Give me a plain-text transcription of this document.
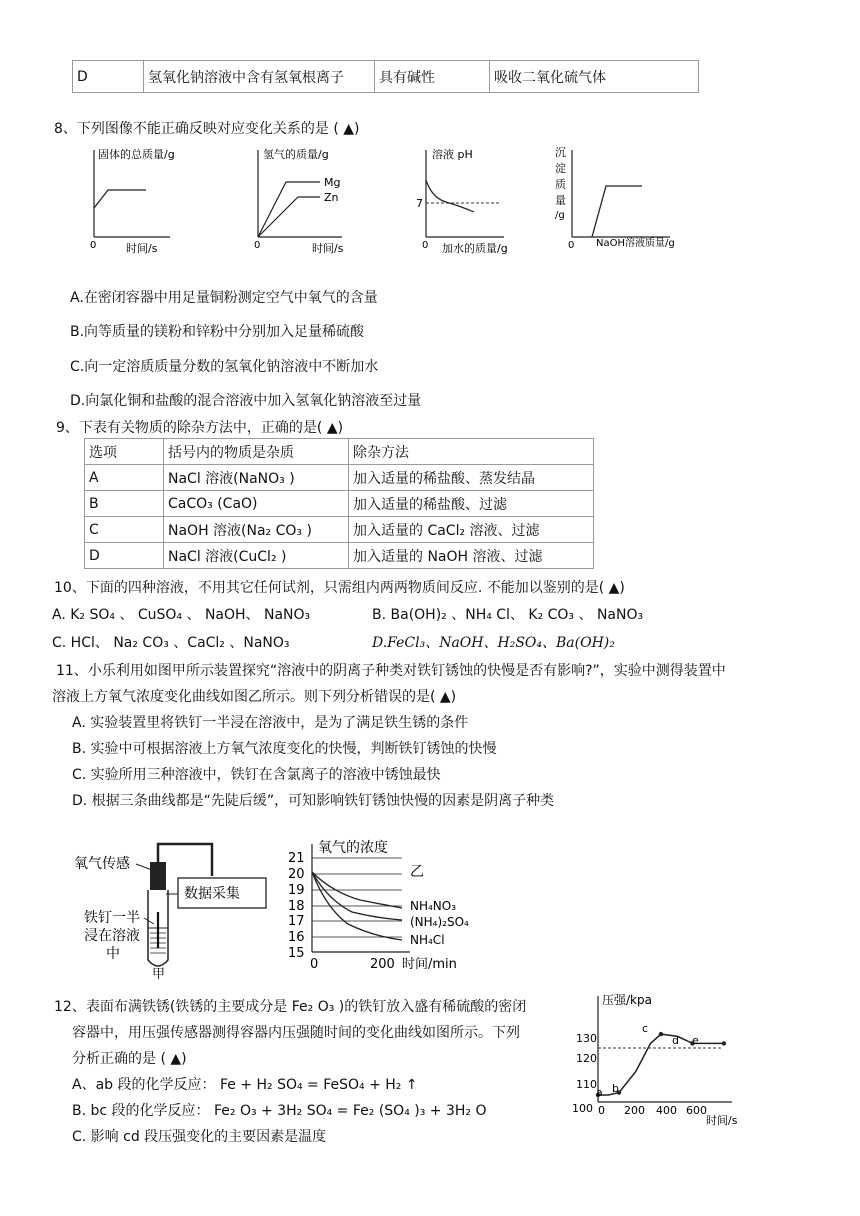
D	氢氧化钠溶液中含有氢氧根离子	具有碱性	吸收二氧化硫气体
8、下列图像不能正确反映对应变化关系的是 ( ▲)
固体的总质量/g
0	时间/s
氢气的质量/g
Mg
Zn
0	时间/s
溶液 pH
7
0 加水的质量/g
沉
淀
质
量
/g
0 NaOH溶液质量/g
A.在密闭容器中用足量铜粉测定空气中氧气的含量
B.向等质量的镁粉和锌粉中分别加入足量稀硫酸
C.向一定溶质质量分数的氢氧化钠溶液中不断加水
D.向氯化铜和盐酸的混合溶液中加入氢氧化钠溶液至过量
9、下表有关物质的除杂方法中，正确的是( ▲)
选项	括号内的物质是杂质	除杂方法
A	NaCl 溶液(NaNO₃ )	加入适量的稀盐酸、蒸发结晶
B	CaCO₃ (CaO)	加入适量的稀盐酸、过滤
C	NaOH 溶液(Na₂ CO₃ )	加入适量的 CaCl₂ 溶液、过滤
D	NaCl 溶液(CuCl₂ )	加入适量的 NaOH 溶液、过滤
10、下面的四种溶液，不用其它任何试剂，只需组内两两物质间反应. 不能加以鉴别的是( ▲)
A. K₂ SO₄ 、 CuSO₄ 、 NaOH、 NaNO₃	B. Ba(OH)₂ 、NH₄ Cl、 K₂ CO₃ 、 NaNO₃
C. HCl、 Na₂ CO₃ 、CaCl₂ 、NaNO₃	D.FeCl₃、NaOH、H₂SO₄、Ba(OH)₂
11、小乐利用如图甲所示装置探究“溶液中的阴离子种类对铁钉锈蚀的快慢是否有影响?”，实验中测得装置中
溶液上方氧气浓度变化曲线如图乙所示。则下列分析错误的是( ▲)
A. 实验装置里将铁钉一半浸在溶液中，是为了满足铁生锈的条件
B. 实验中可根据溶液上方氧气浓度变化的快慢，判断铁钉锈蚀的快慢
C. 实验所用三种溶液中，铁钉在含氯离子的溶液中锈蚀最快
D. 根据三条曲线都是“先陡后缓”，可知影响铁钉锈蚀快慢的因素是阴离子种类
氧气传感
数据采集
铁钉一半
浸在溶液
中
甲
氧气的浓度
21
20
19
18
17
16
15
乙
NH₄NO₃
(NH₄)₂SO₄
NH₄Cl
0	200 时间/min
12、表面布满铁锈(铁锈的主要成分是 Fe₂ O₃ )的铁钉放入盛有稀硫酸的密闭
容器中，用压强传感器测得容器内压强随时间的变化曲线如图所示。下列
分析正确的是 ( ▲)
A、ab 段的化学反应： Fe + H₂ SO₄ = FeSO₄ + H₂ ↑
B. bc 段的化学反应： Fe₂ O₃ + 3H₂ SO₄ = Fe₂ (SO₄ )₃ + 3H₂ O
C. 影响 cd 段压强变化的主要因素是温度
压强/kpa
130
120
110
100 0 200 400 600
时间/s
a b
c
d e
